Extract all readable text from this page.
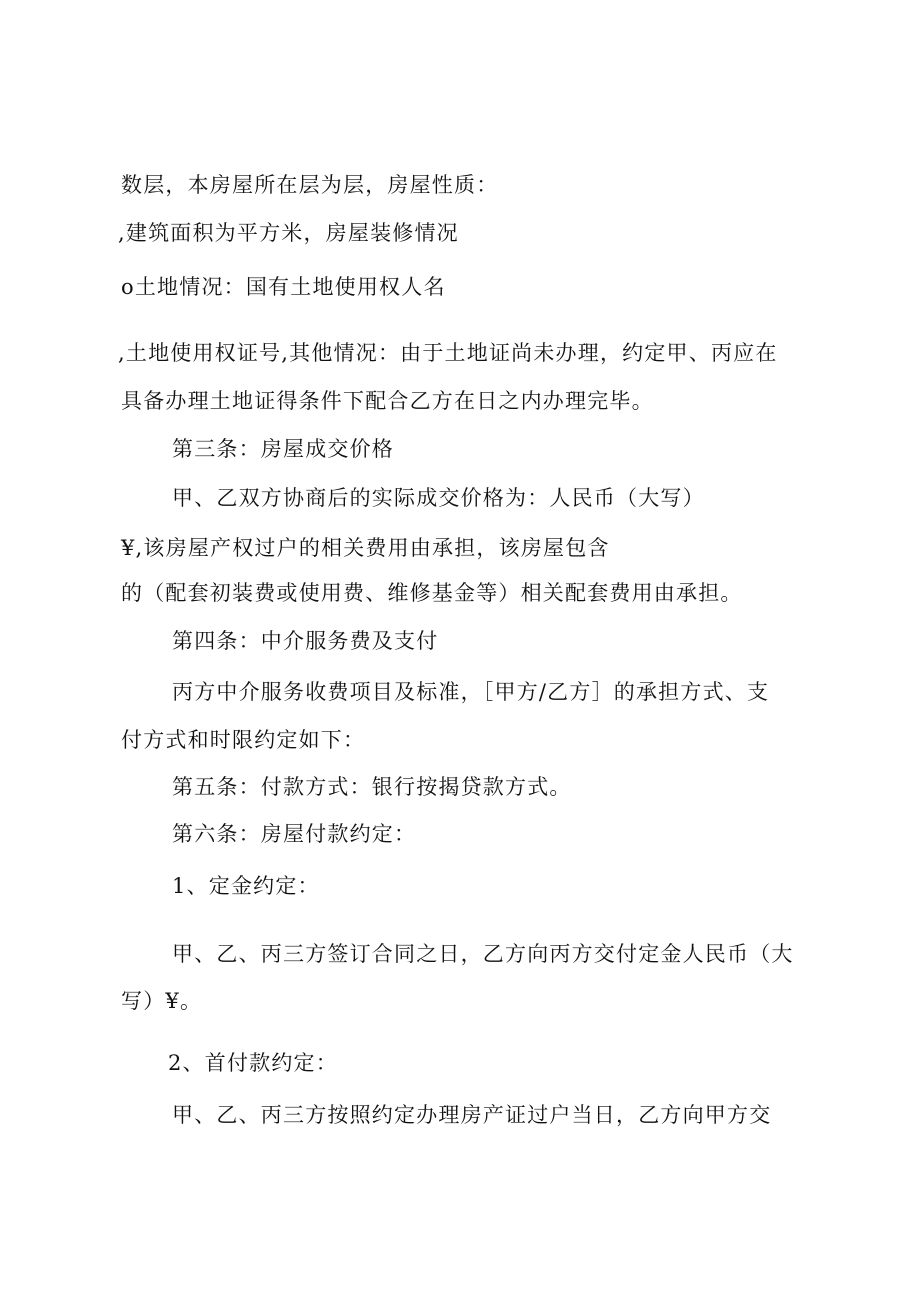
数层，本房屋所在层为层，房屋性质：
,建筑面积为平方米，房屋装修情况
o土地情况：国有土地使用权人名
,土地使用权证号,其他情况：由于土地证尚未办理，约定甲、丙应在
具备办理土地证得条件下配合乙方在日之内办理完毕。
第三条：房屋成交价格
甲、乙双方协商后的实际成交价格为：人民币（大写）
¥,该房屋产权过户的相关费用由承担，该房屋包含
的（配套初装费或使用费、维修基金等）相关配套费用由承担。
第四条：中介服务费及支付
丙方中介服务收费项目及标准，［甲方/乙方］的承担方式、支
付方式和时限约定如下：
第五条：付款方式：银行按揭贷款方式。
第六条：房屋付款约定：
1、定金约定：
甲、乙、丙三方签订合同之日，乙方向丙方交付定金人民币（大
写）¥。
2、首付款约定：
甲、乙、丙三方按照约定办理房产证过户当日，乙方向甲方交
